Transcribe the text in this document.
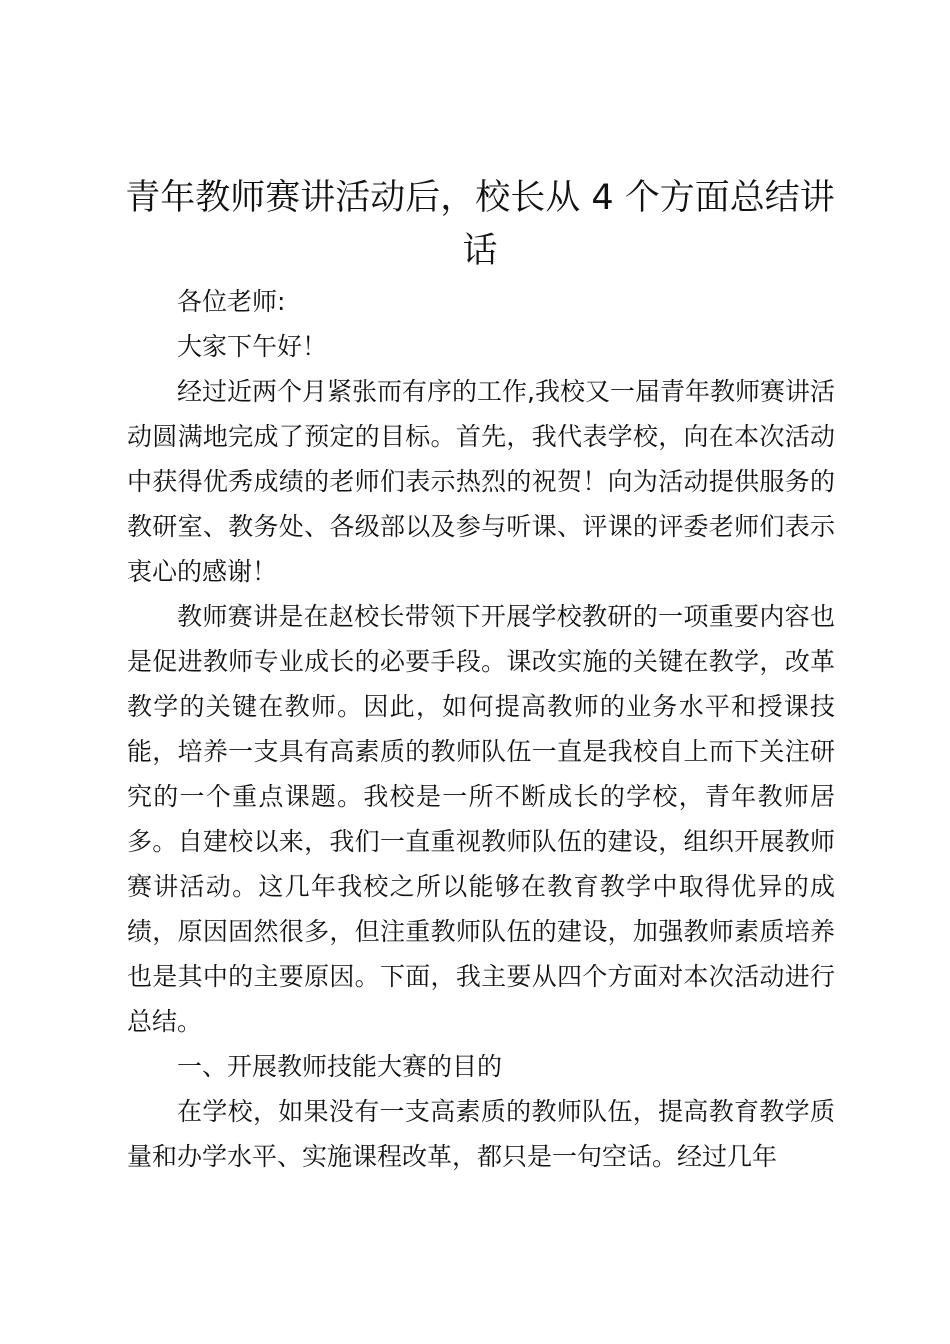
青年教师赛讲活动后，校长从 4 个方面总结讲话

各位老师:

大家下午好！

经过近两个月紧张而有序的工作,我校又一届青年教师赛讲活动圆满地完成了预定的目标。首先，我代表学校，向在本次活动中获得优秀成绩的老师们表示热烈的祝贺！向为活动提供服务的教研室、教务处、各级部以及参与听课、评课的评委老师们表示衷心的感谢！

教师赛讲是在赵校长带领下开展学校教研的一项重要内容也是促进教师专业成长的必要手段。课改实施的关键在教学，改革教学的关键在教师。因此，如何提高教师的业务水平和授课技能，培养一支具有高素质的教师队伍一直是我校自上而下关注研究的一个重点课题。我校是一所不断成长的学校，青年教师居多。自建校以来，我们一直重视教师队伍的建设，组织开展教师赛讲活动。这几年我校之所以能够在教育教学中取得优异的成绩，原因固然很多，但注重教师队伍的建设，加强教师素质培养也是其中的主要原因。下面，我主要从四个方面对本次活动进行总结。

一、开展教师技能大赛的目的

在学校，如果没有一支高素质的教师队伍，提高教育教学质量和办学水平、实施课程改革，都只是一句空话。经过几年
